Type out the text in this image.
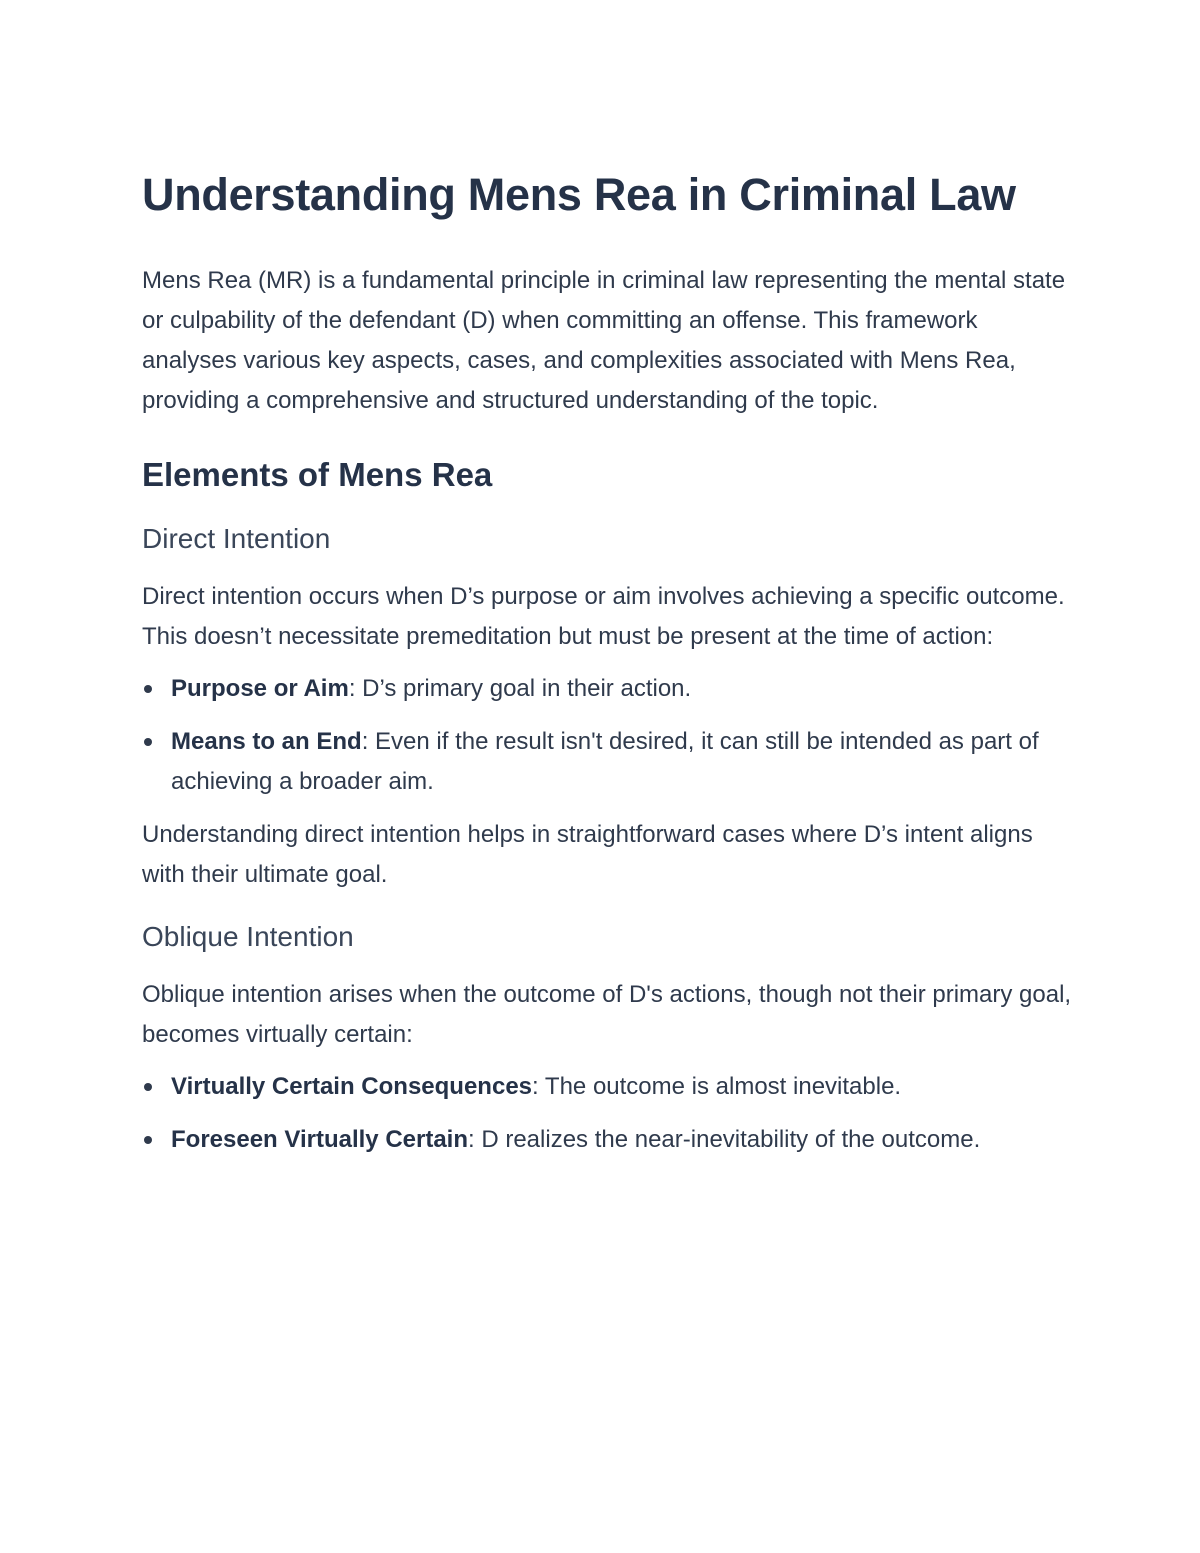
Understanding Mens Rea in Criminal Law

Mens Rea (MR) is a fundamental principle in criminal law representing the mental state or culpability of the defendant (D) when committing an offense. This framework analyses various key aspects, cases, and complexities associated with Mens Rea, providing a comprehensive and structured understanding of the topic.

Elements of Mens Rea
Direct Intention

Direct intention occurs when D’s purpose or aim involves achieving a specific outcome. This doesn’t necessitate premeditation but must be present at the time of action:

Purpose or Aim: D’s primary goal in their action.
Means to an End: Even if the result isn't desired, it can still be intended as part of achieving a broader aim.

Understanding direct intention helps in straightforward cases where D’s intent aligns with their ultimate goal.

Oblique Intention

Oblique intention arises when the outcome of D's actions, though not their primary goal, becomes virtually certain:

Virtually Certain Consequences: The outcome is almost inevitable.
Foreseen Virtually Certain: D realizes the near-inevitability of the outcome.
